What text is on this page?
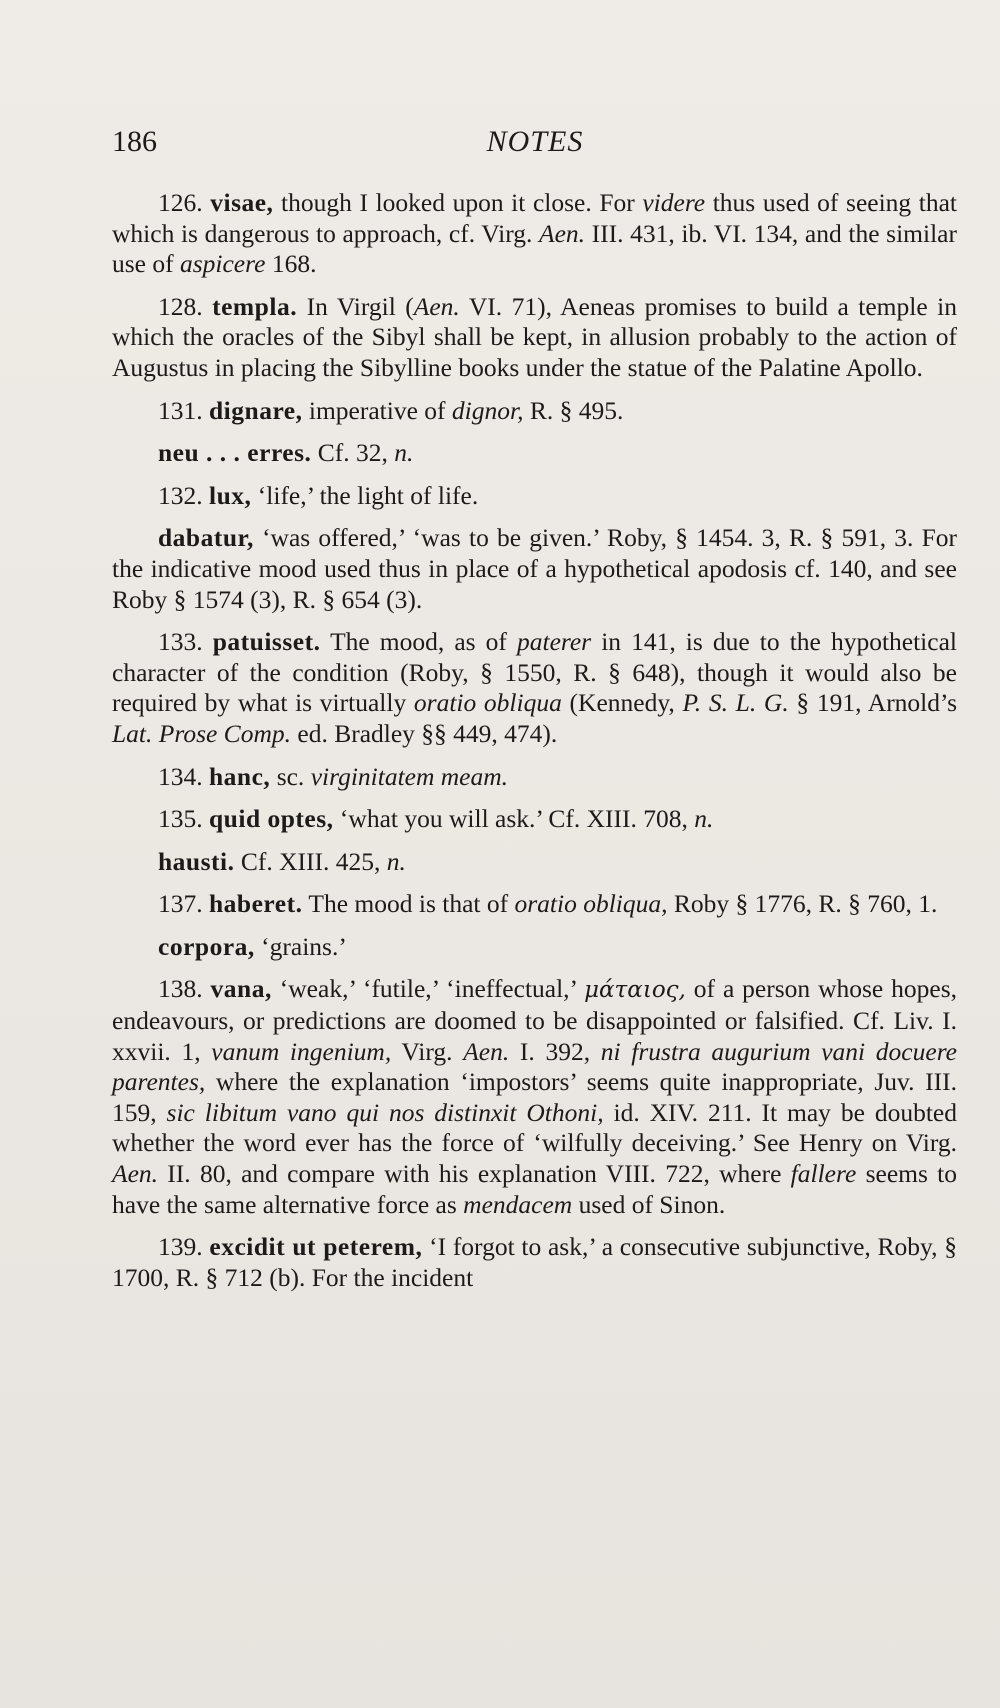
186	NOTES

126. visae, though I looked upon it close. For videre thus used of seeing that which is dangerous to approach, cf. Virg. Aen. III. 431, ib. VI. 134, and the similar use of aspicere 168.

128. templa. In Virgil (Aen. VI. 71), Aeneas promises to build a temple in which the oracles of the Sibyl shall be kept, in allusion probably to the action of Augustus in placing the Sibylline books under the statue of the Palatine Apollo.

131. dignare, imperative of dignor, R. § 495.

neu . . . erres. Cf. 32, n.

132. lux, ‘life,’ the light of life.

dabatur, ‘was offered,’ ‘was to be given.’ Roby, § 1454. 3, R. § 591, 3. For the indicative mood used thus in place of a hypothetical apodosis cf. 140, and see Roby § 1574 (3), R. § 654 (3).

133. patuisset. The mood, as of paterer in 141, is due to the hypothetical character of the condition (Roby, § 1550, R. § 648), though it would also be required by what is virtually oratio obliqua (Kennedy, P. S. L. G. § 191, Arnold’s Lat. Prose Comp. ed. Bradley §§ 449, 474).

134. hanc, sc. virginitatem meam.

135. quid optes, ‘what you will ask.’ Cf. XIII. 708, n.

hausti. Cf. XIII. 425, n.

137. haberet. The mood is that of oratio obliqua, Roby § 1776, R. § 760, 1.

corpora, ‘grains.’

138. vana, ‘weak,’ ‘futile,’ ‘ineffectual,’ μάταιος, of a person whose hopes, endeavours, or predictions are doomed to be disappointed or falsified. Cf. Liv. I. xxvii. 1, vanum ingenium, Virg. Aen. I. 392, ni frustra augurium vani docuere parentes, where the explanation ‘impostors’ seems quite inappropriate, Juv. III. 159, sic libitum vano qui nos distinxit Othoni, id. XIV. 211. It may be doubted whether the word ever has the force of ‘wilfully deceiving.’ See Henry on Virg. Aen. II. 80, and compare with his explanation VIII. 722, where fallere seems to have the same alternative force as mendacem used of Sinon.

139. excidit ut peterem, ‘I forgot to ask,’ a consecutive subjunctive, Roby, § 1700, R. § 712 (b). For the incident
